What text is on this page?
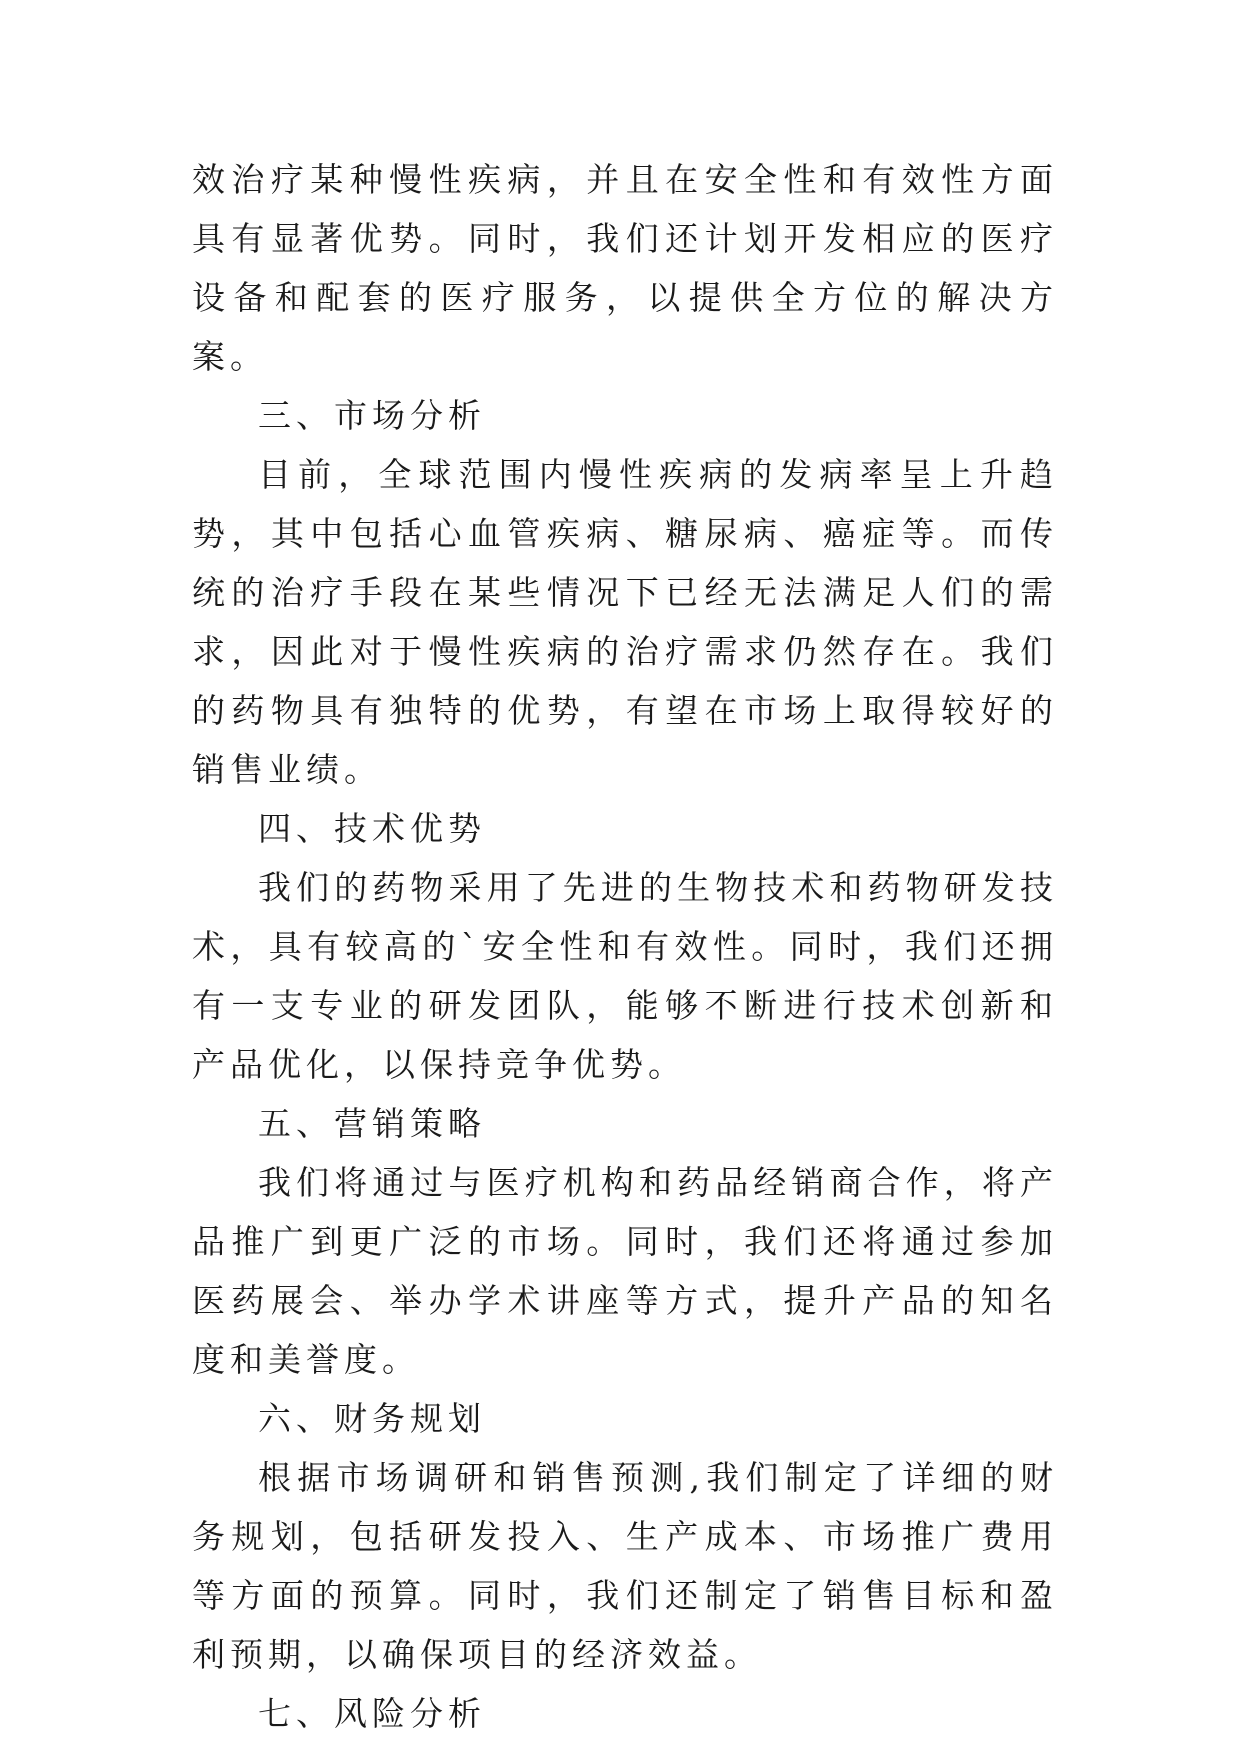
效治疗某种慢性疾病，并且在安全性和有效性方面具有显著优势。同时，我们还计划开发相应的医疗设备和配套的医疗服务，以提供全方位的解决方案。

三、市场分析

目前，全球范围内慢性疾病的发病率呈上升趋势，其中包括心血管疾病、糖尿病、癌症等。而传统的治疗手段在某些情况下已经无法满足人们的需求，因此对于慢性疾病的治疗需求仍然存在。我们的药物具有独特的优势，有望在市场上取得较好的销售业绩。

四、技术优势

我们的药物采用了先进的生物技术和药物研发技术，具有较高的`安全性和有效性。同时，我们还拥有一支专业的研发团队，能够不断进行技术创新和产品优化，以保持竞争优势。

五、营销策略

我们将通过与医疗机构和药品经销商合作，将产品推广到更广泛的市场。同时，我们还将通过参加医药展会、举办学术讲座等方式，提升产品的知名度和美誉度。

六、财务规划

根据市场调研和销售预测,我们制定了详细的财务规划，包括研发投入、生产成本、市场推广费用等方面的预算。同时，我们还制定了销售目标和盈利预期，以确保项目的经济效益。

七、风险分析
